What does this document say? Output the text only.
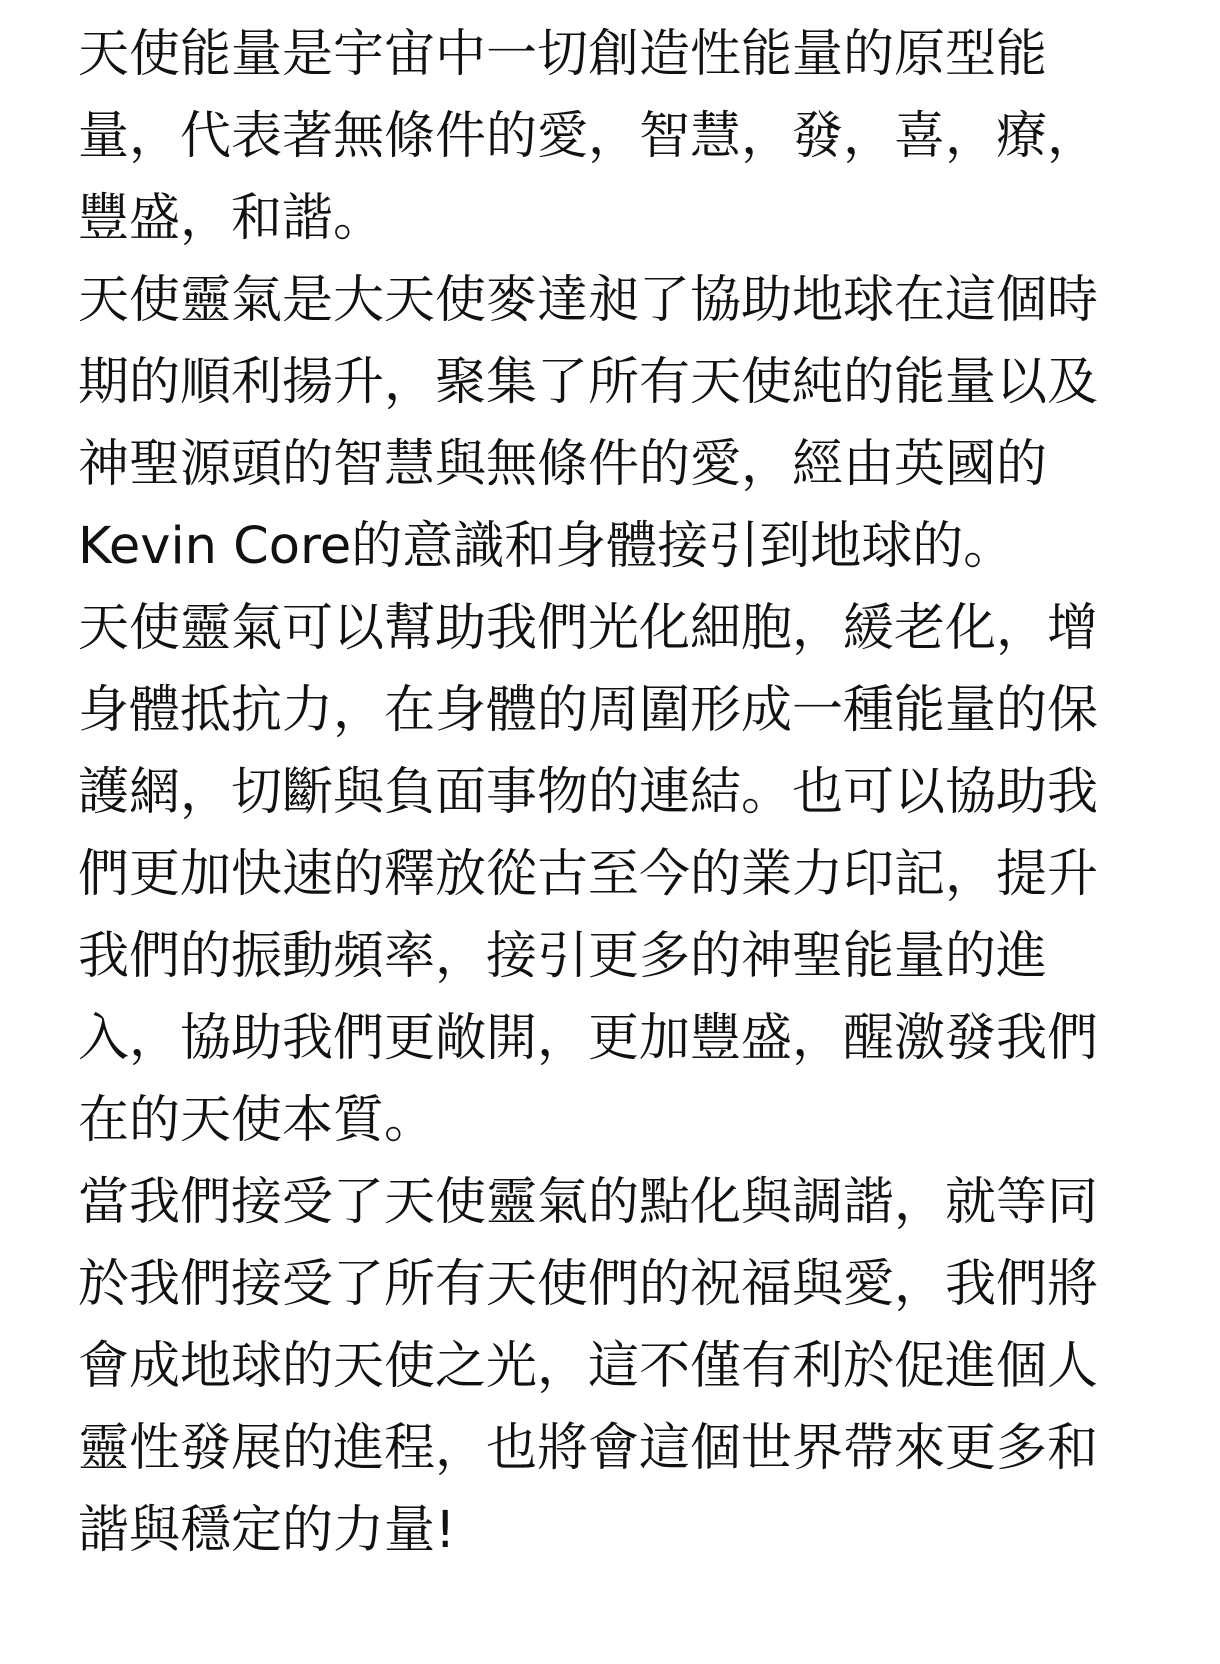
天使能量是宇宙中一切創造性能量的原型能
量，代表著無條件的愛，智慧，發，喜，療，
豐盛，和諧。

天使靈氣是大天使麥達昶了協助地球在這個時
期的順利揚升，聚集了所有天使純的能量以及
神聖源頭的智慧與無條件的愛，經由英國的
Kevin Core的意識和身體接引到地球的。

天使靈氣可以幫助我們光化細胞，緩老化，增
身體抵抗力，在身體的周圍形成一種能量的保
護網，切斷與負面事物的連結。也可以協助我
們更加快速的釋放從古至今的業力印記，提升
我們的振動頻率，接引更多的神聖能量的進
入，協助我們更敞開，更加豐盛，醒激發我們
在的天使本質。

當我們接受了天使靈氣的點化與調諧，就等同
於我們接受了所有天使們的祝福與愛，我們將
會成地球的天使之光，這不僅有利於促進個人
靈性發展的進程，也將會這個世界帶來更多和
諧與穩定的力量!
